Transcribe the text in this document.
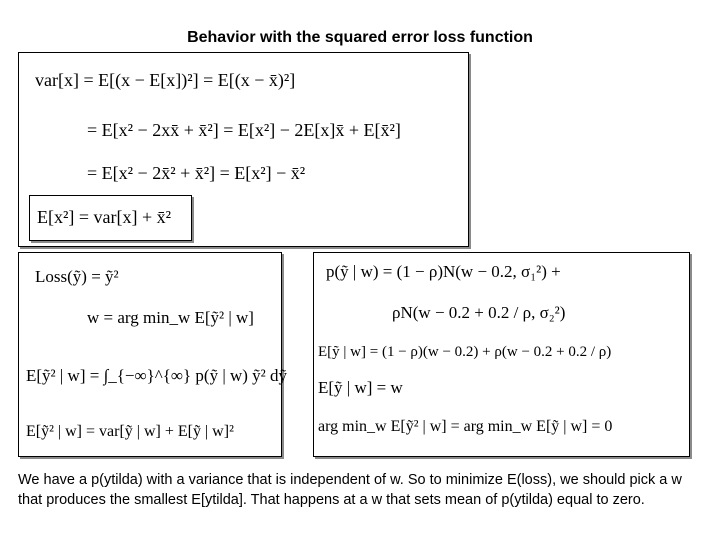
Behavior with the squared error loss function
var[x] = E[(x − E[x])²] = E[(x − x̄)²]
= E[x² − 2xx̄ + x̄²] = E[x²] − 2E[x]x̄ + E[x̄²]
= E[x² − 2x̄² + x̄²] = E[x²] − x̄²
E[x²] = var[x] + x̄²
Loss(ỹ) = ỹ²
w = arg min_w E[ỹ² | w]
E[ỹ² | w] = ∫_{−∞}^{∞} p(ỹ | w) ỹ² dỹ
E[ỹ² | w] = var[ỹ | w] + E[ỹ | w]²
p(ỹ | w) = (1 − ρ)N(w − 0.2, σ₁²) +
ρN(w − 0.2 + 0.2 / ρ, σ₂²)
E[ỹ | w] = (1 − ρ)(w − 0.2) + ρ(w − 0.2 + 0.2 / ρ)
E[ỹ | w] = w
arg min_w E[ỹ² | w] = arg min_w E[ỹ | w] = 0
We have a p(ytilda) with a variance that is independent of w. So to minimize E(loss), we should pick a w that produces the smallest E[ytilda]. That happens at a w that sets mean of p(ytilda) equal to zero.
